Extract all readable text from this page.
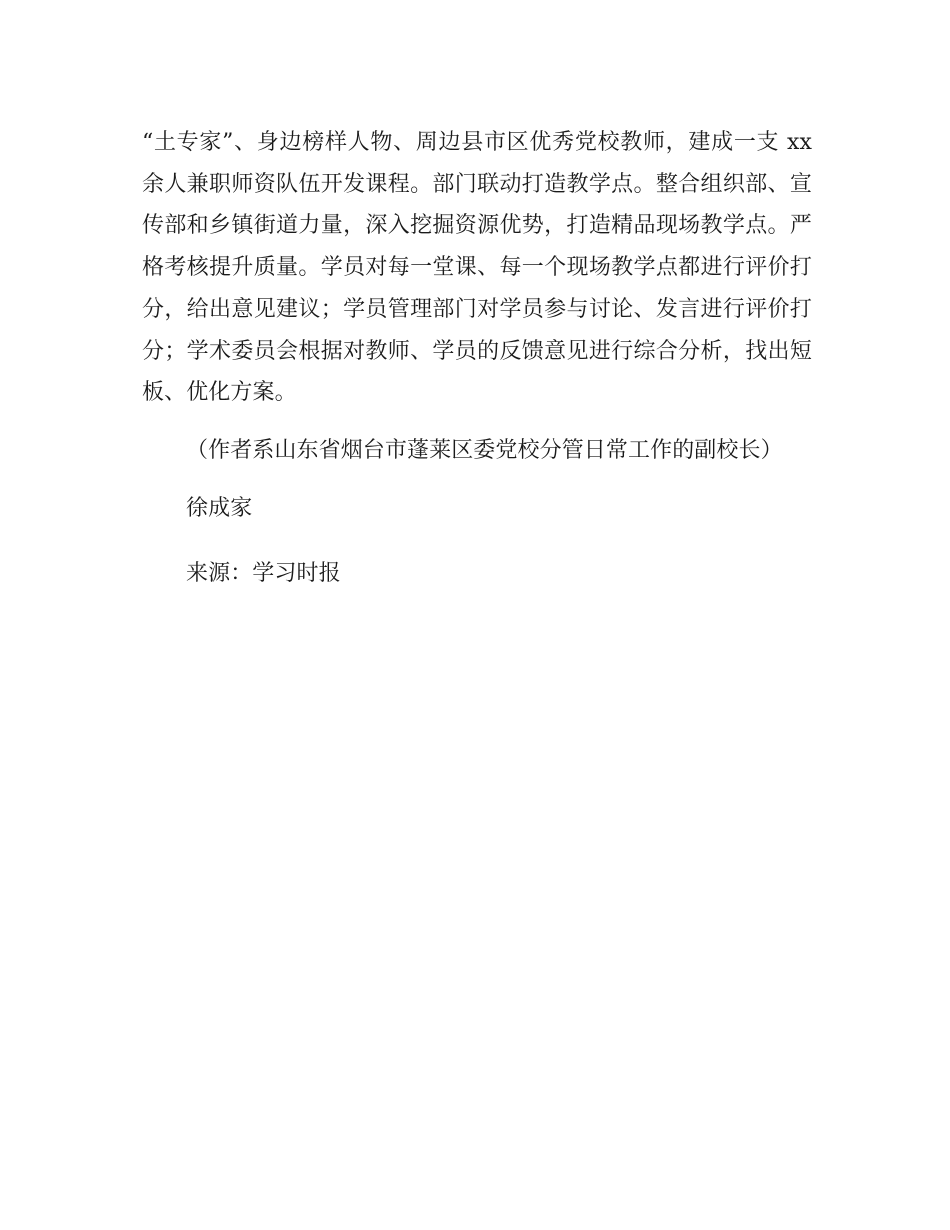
“土专家”、身边榜样人物、周边县市区优秀党校教师，建成一支 xx 余人兼职师资队伍开发课程。部门联动打造教学点。整合组织部、宣传部和乡镇街道力量，深入挖掘资源优势，打造精品现场教学点。严格考核提升质量。学员对每一堂课、每一个现场教学点都进行评价打分，给出意见建议；学员管理部门对学员参与讨论、发言进行评价打分；学术委员会根据对教师、学员的反馈意见进行综合分析，找出短板、优化方案。

（作者系山东省烟台市蓬莱区委党校分管日常工作的副校长）

徐成家

来源：学习时报
